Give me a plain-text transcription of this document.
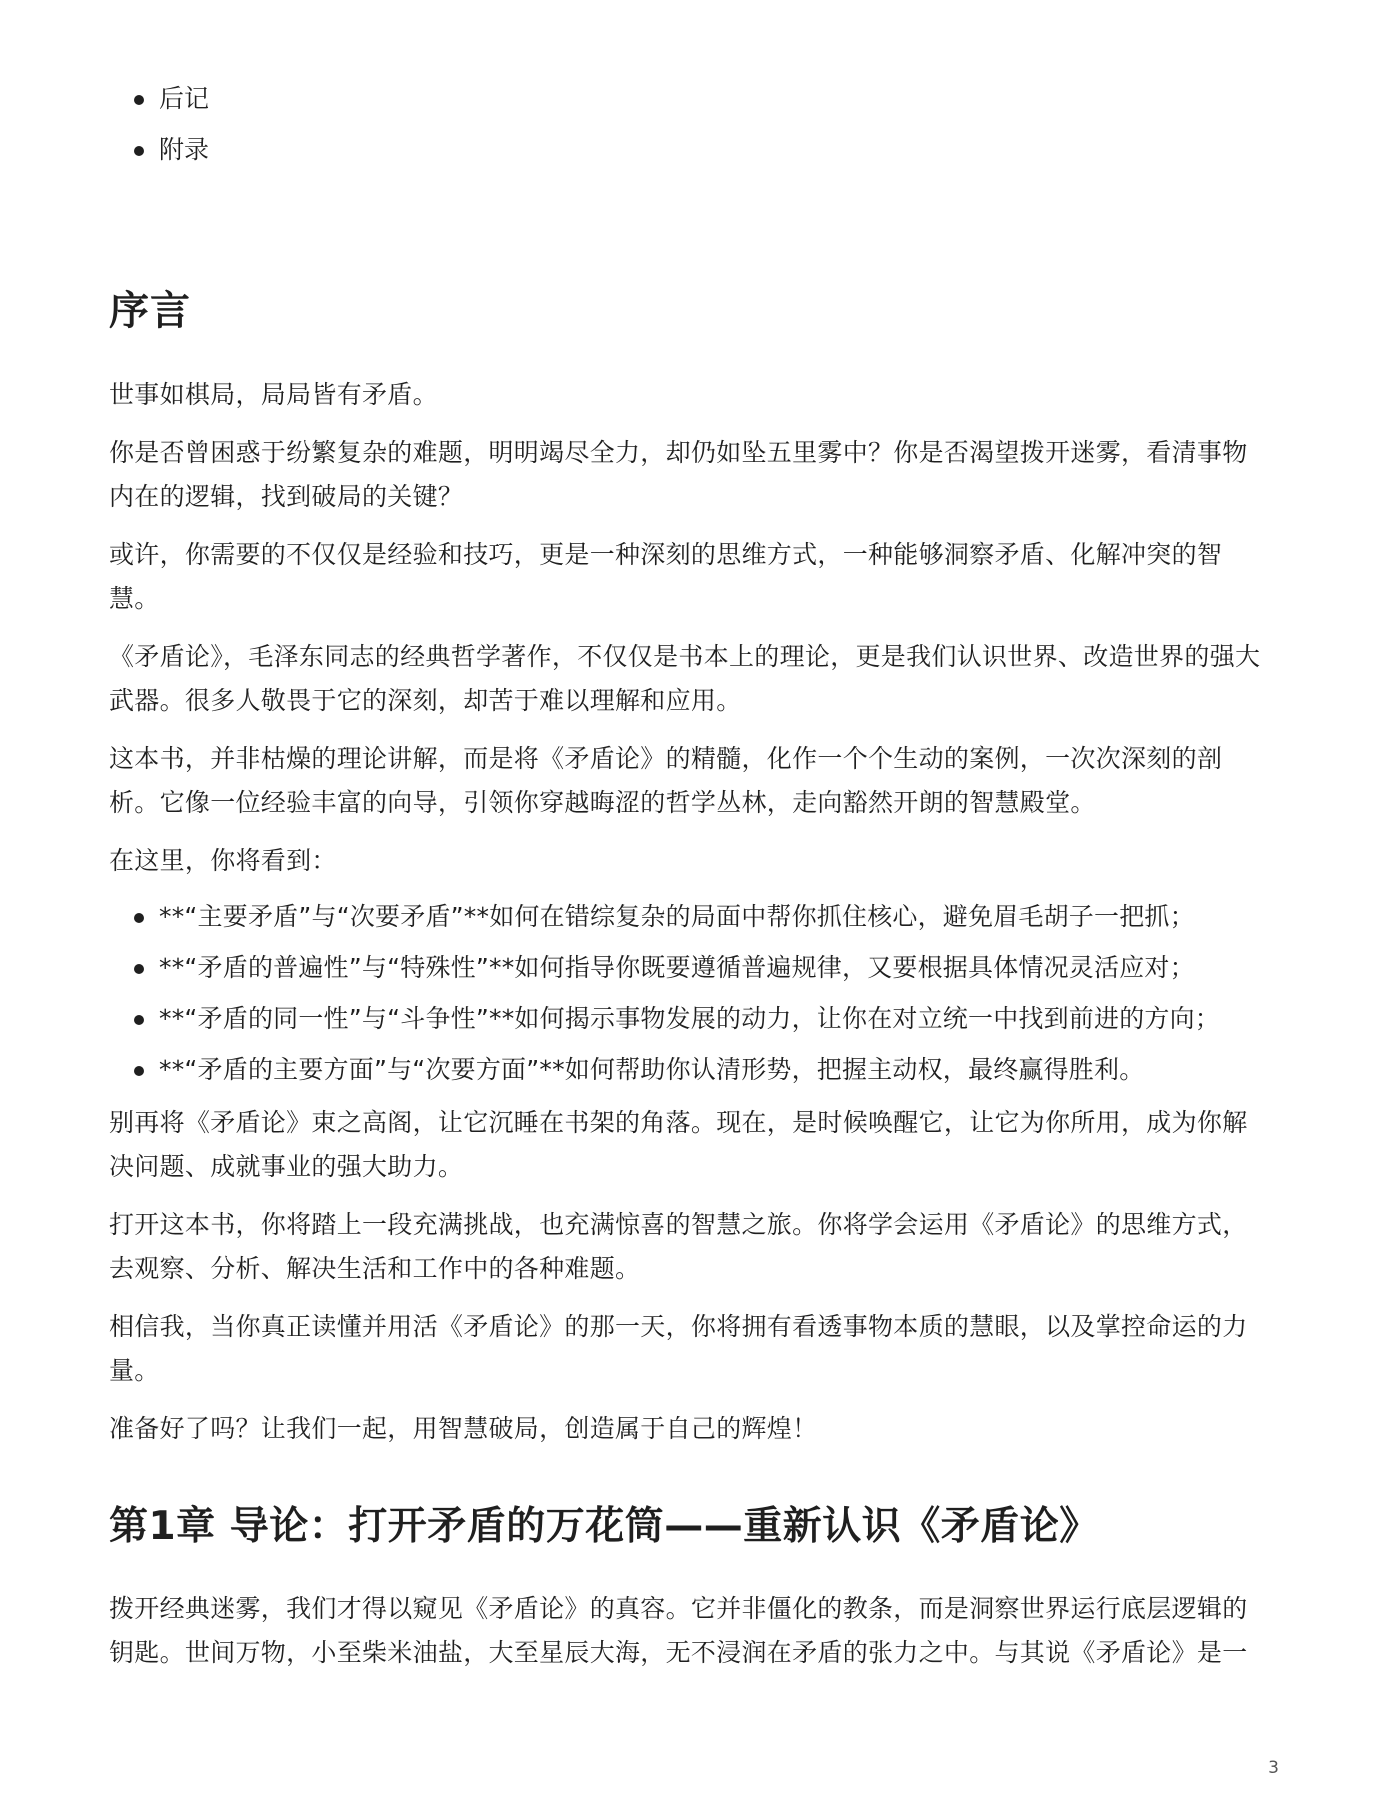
后记
附录
序言

世事如棋局，局局皆有矛盾。

你是否曾困惑于纷繁复杂的难题，明明竭尽全力，却仍如坠五里雾中？你是否渴望拨开迷雾，看清事物内在的逻辑，找到破局的关键？

或许，你需要的不仅仅是经验和技巧，更是一种深刻的思维方式，一种能够洞察矛盾、化解冲突的智慧。

《矛盾论》，毛泽东同志的经典哲学著作，不仅仅是书本上的理论，更是我们认识世界、改造世界的强大武器。很多人敬畏于它的深刻，却苦于难以理解和应用。

这本书，并非枯燥的理论讲解，而是将《矛盾论》的精髓，化作一个个生动的案例，一次次深刻的剖析。它像一位经验丰富的向导，引领你穿越晦涩的哲学丛林，走向豁然开朗的智慧殿堂。

在这里，你将看到：

**“主要矛盾”与“次要矛盾”**如何在错综复杂的局面中帮你抓住核心，避免眉毛胡子一把抓；
**“矛盾的普遍性”与“特殊性”**如何指导你既要遵循普遍规律，又要根据具体情况灵活应对；
**“矛盾的同一性”与“斗争性”**如何揭示事物发展的动力，让你在对立统一中找到前进的方向；
**“矛盾的主要方面”与“次要方面”**如何帮助你认清形势，把握主动权，最终赢得胜利。

别再将《矛盾论》束之高阁，让它沉睡在书架的角落。现在，是时候唤醒它，让它为你所用，成为你解决问题、成就事业的强大助力。

打开这本书，你将踏上一段充满挑战，也充满惊喜的智慧之旅。你将学会运用《矛盾论》的思维方式，去观察、分析、解决生活和工作中的各种难题。

相信我，当你真正读懂并用活《矛盾论》的那一天，你将拥有看透事物本质的慧眼，以及掌控命运的力量。

准备好了吗？让我们一起，用智慧破局，创造属于自己的辉煌！

第1章 导论：打开矛盾的万花筒——重新认识《矛盾论》

拨开经典迷雾，我们才得以窥见《矛盾论》的真容。它并非僵化的教条，而是洞察世界运行底层逻辑的钥匙。世间万物，小至柴米油盐，大至星辰大海，无不浸润在矛盾的张力之中。与其说《矛盾论》是一

3
